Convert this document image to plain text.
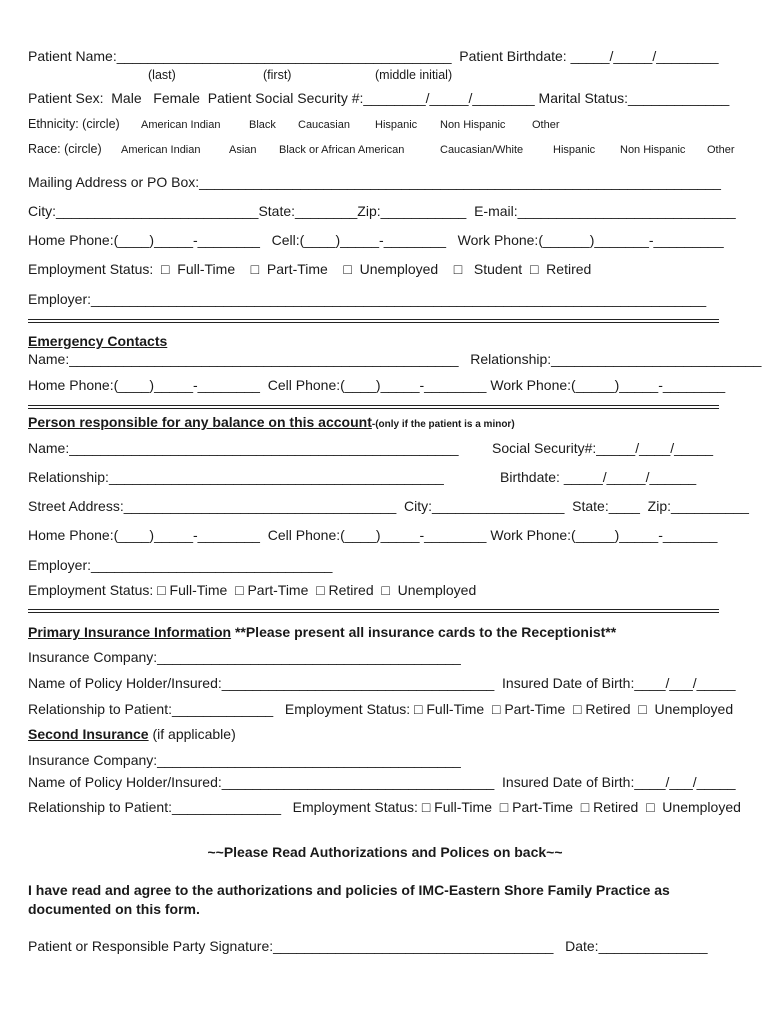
Patient Name:___________________________________________  Patient Birthdate: _____/_____/________
(last)	(first)	(middle initial)
Patient Sex:  Male   Female  Patient Social Security #:________/_____/________ Marital Status:_____________
Ethnicity: (circle) American Indian	Black Caucasian Hispanic Non Hispanic Other
Race: (circle) American Indian	Asian Black or African American	Caucasian/White	Hispanic Non Hispanic Other
Mailing Address or PO Box:___________________________________________________________________
City:__________________________State:________Zip:___________  E-mail:____________________________
Home Phone:(____)_____-________   Cell:(____)_____-________   Work Phone:(______)_______-_________
Employment Status:  □  Full-Time    □  Part-Time    □  Unemployed    □   Student  □  Retired
Employer:_______________________________________________________________________________
Emergency Contacts
Name:__________________________________________________   Relationship:___________________________
Home Phone:(____)_____-________  Cell Phone:(____)_____-________ Work Phone:(_____)_____-________
Person responsible for any balance on this account-(only if the patient is a minor)
Name:__________________________________________________ Social Security#:_____/____/_____
Relationship:___________________________________________	Birthdate: _____/_____/______
Street Address:___________________________________  City:_________________  State:____  Zip:__________
Home Phone:(____)_____-________  Cell Phone:(____)_____-________ Work Phone:(_____)_____-_______
Employer:_______________________________
Employment Status: □ Full-Time  □ Part-Time  □ Retired  □  Unemployed
Primary Insurance Information **Please present all insurance cards to the Receptionist**
Insurance Company:_______________________________________
Name of Policy Holder/Insured:___________________________________  Insured Date of Birth:____/___/_____
Relationship to Patient:_____________   Employment Status: □ Full-Time  □ Part-Time  □ Retired  □  Unemployed
Second Insurance (if applicable)
Insurance Company:_______________________________________
Name of Policy Holder/Insured:___________________________________  Insured Date of Birth:____/___/_____
Relationship to Patient:______________   Employment Status: □ Full-Time  □ Part-Time  □ Retired  □  Unemployed
~~Please Read Authorizations and Polices on back~~
I have read and agree to the authorizations and policies of IMC-Eastern Shore Family Practice as
documented on this form.
Patient or Responsible Party Signature:____________________________________   Date:______________
